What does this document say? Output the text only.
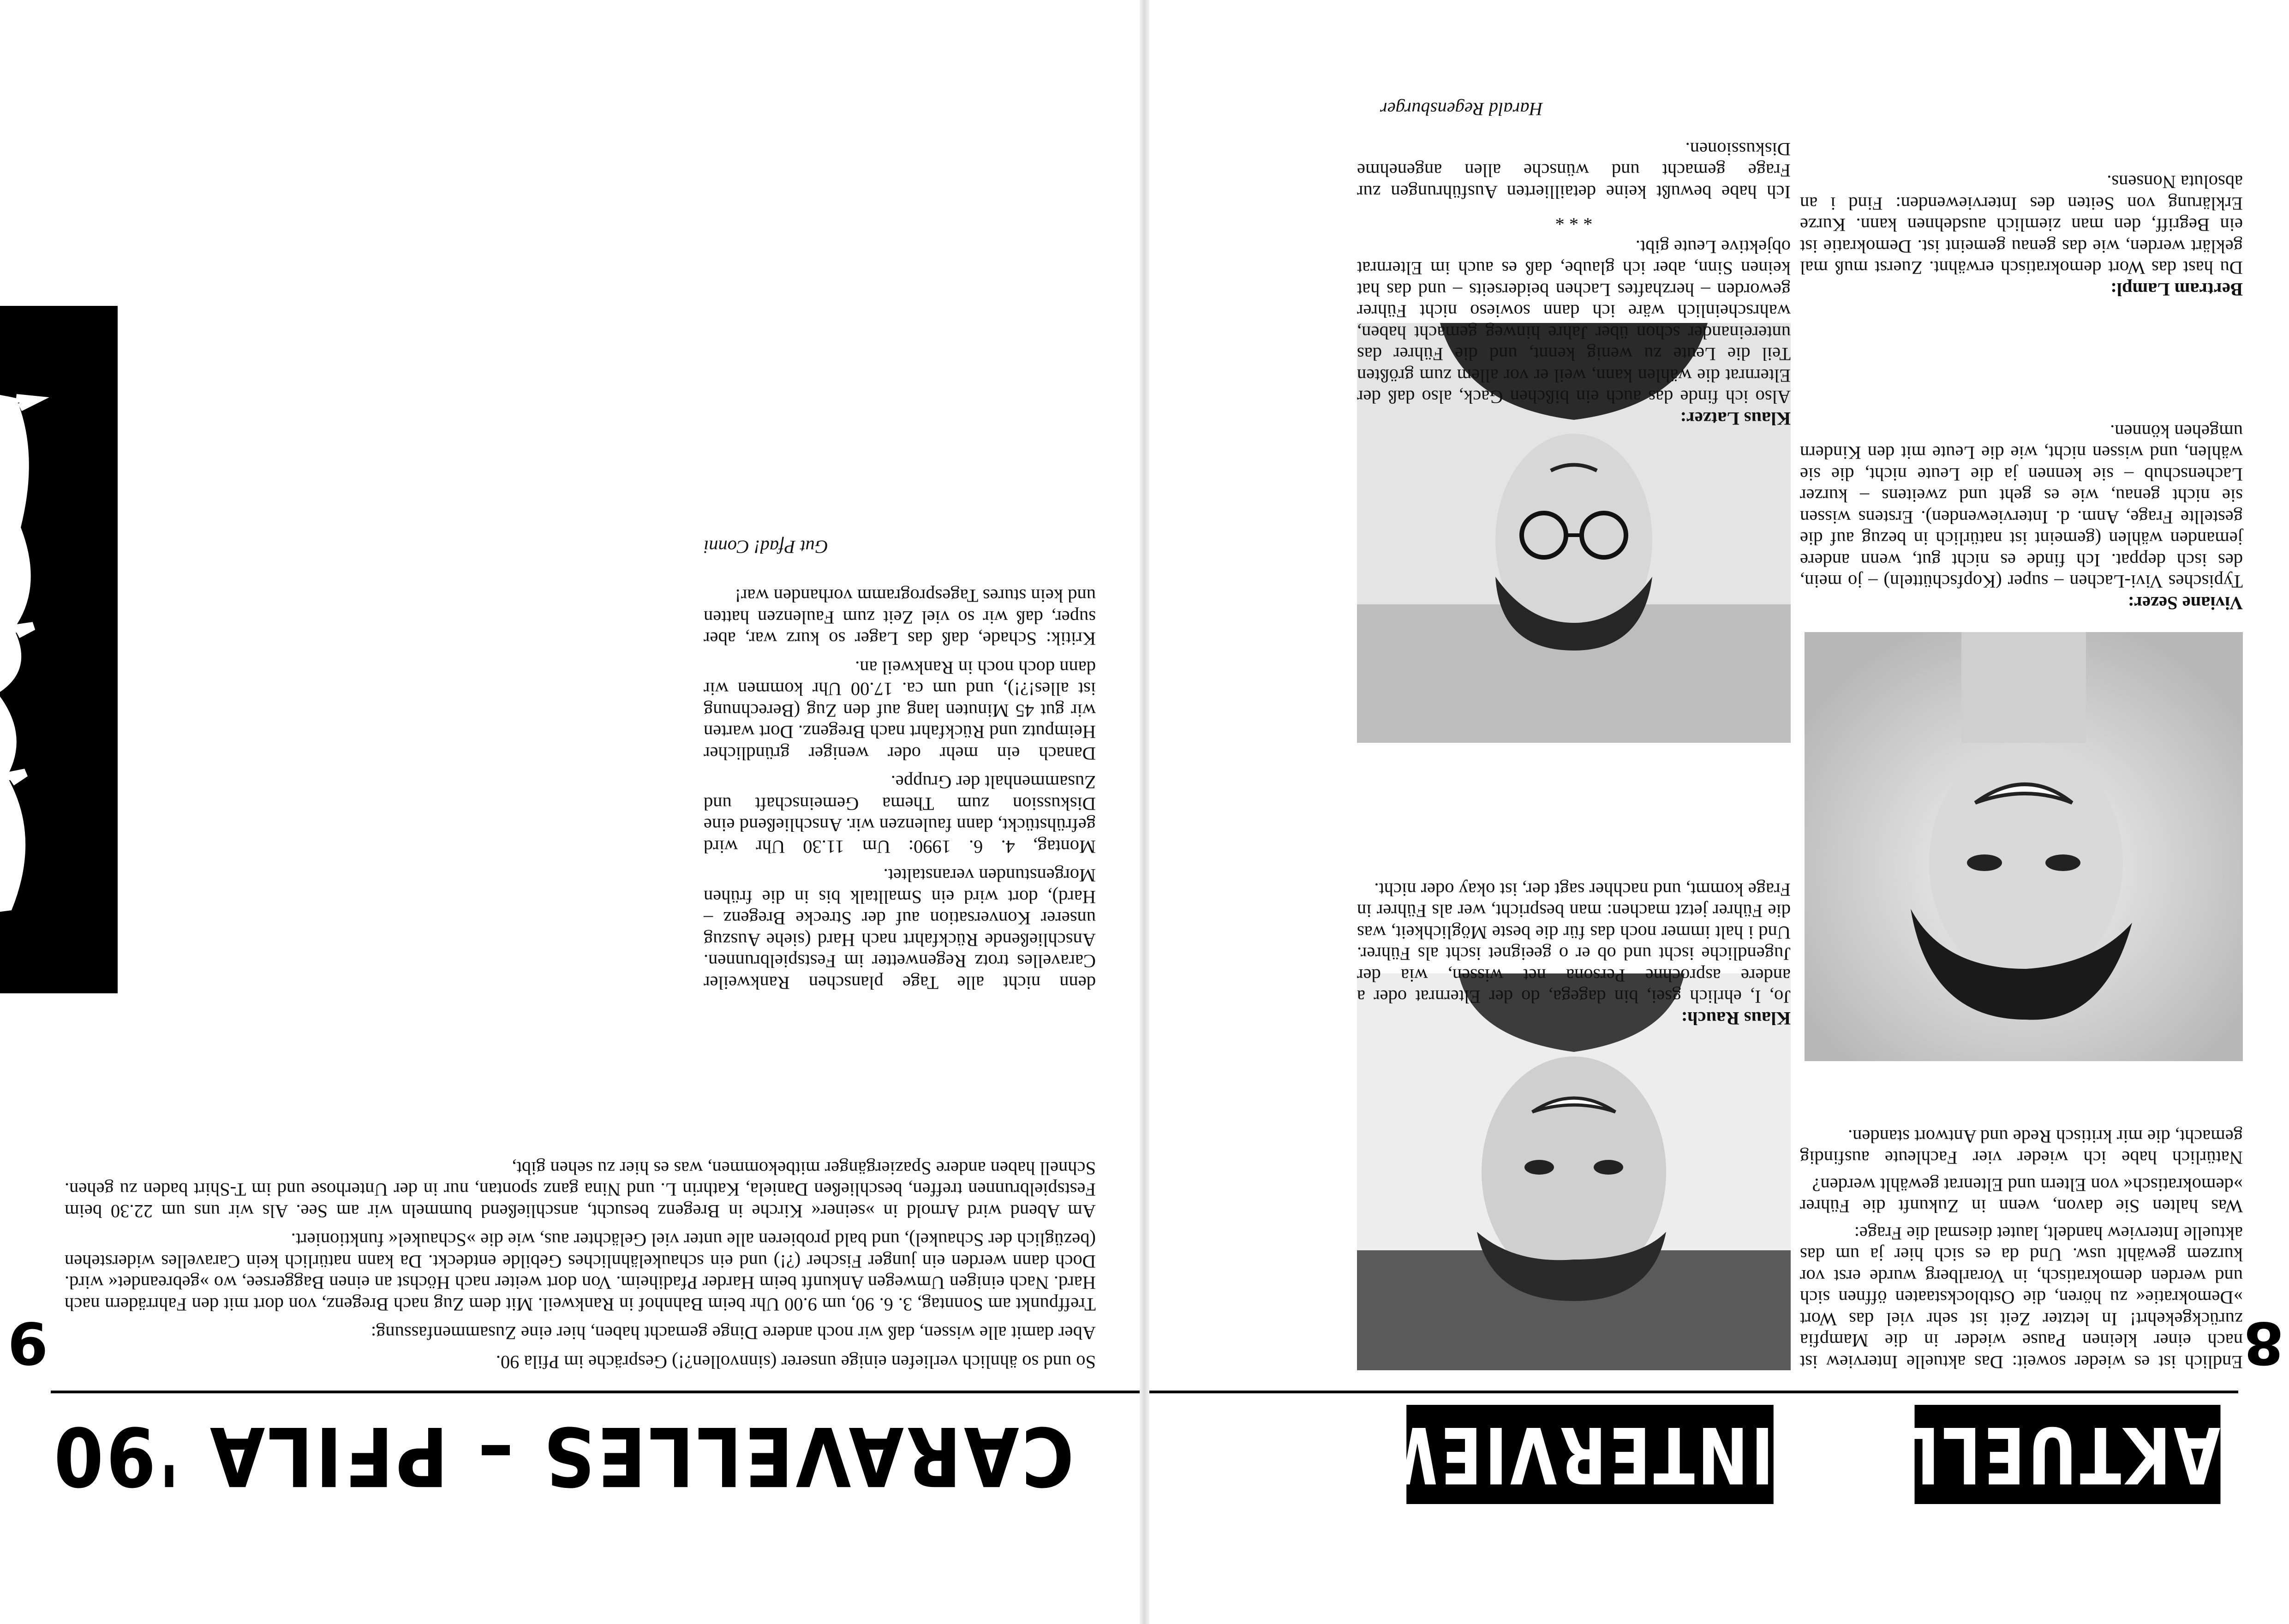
AKTUELLES
INTERVIEW
8

Endlich ist es wieder soweit: Das aktuelle Interview ist nach einer kleinen Pause wieder in die Mampfia zurückgekehrt! In letzter Zeit ist sehr viel das Wort »Demokratie« zu hören, die Ostblockstaaten öffnen sich und werden demokratisch, in Vorarlberg wurde erst vor kurzem gewählt usw. Und da es sich hier ja um das aktuelle Interview handelt, lautet diesmal die Frage:

Was halten Sie davon, wenn in Zukunft die Führer »demokratisch« von Eltern und Eltenrat gewählt werden?

Natürlich habe ich wieder vier Fachleute ausfindig gemacht, die mir kritisch Rede und Antwort standen.

Viviane Sezer:

Typisches Vivi-Lachen – super (Kopfschütteln) – jo mein, des isch deppat. Ich finde es nicht gut, wenn andere jemanden wählen (gemeint ist natürlich in bezug auf die gestellte Frage, Anm. d. Interviewenden). Erstens wissen sie nicht genau, wie es geht und zweitens – kurzer Lachenschub – sie kennen ja die Leute nicht, die sie wählen, und wissen nicht, wie die Leute mit den Kindern umgehen können.

Bertram Lampl:

Du hast das Wort demokratisch erwähnt. Zuerst muß mal geklärt werden, wie das genau gemeint ist. Demokratie ist ein Begriff, den man ziemlich ausdehnen kann. Kurze Erklärung von Seiten des Interviewenden: Find i an absoluta Nonsens.

Klaus Rauch:

Jo, I, ehrlich gsei, bin dagega, do der Elternrat oder a andere asprochne Persona net wissen, wia der Jugendliche ischt und ob er o geeignet ischt als Führer. Und i halt immer noch das für die beste Möglichkeit, was die Führer jetzt machen: man bespricht, wer als Führer in Frage kommt, und nachher sagt der, ist okay oder nicht.

Klaus Latzer:

Also ich finde das auch ein bißchen Gack, also daß der Elternrat die wählen kann, weil er vor allem zum größten Teil die Leute zu wenig kennt, und die Führer das untereinander schon über Jahre hinweg gemacht haben, wahrscheinlich wäre ich dann sowieso nicht Führer geworden – herzhaftes Lachen beiderseits – und das hat keinen Sinn, aber ich glaube, daß es auch im Elternrat objektive Leute gibt.

* * *

Ich habe bewußt keine detaillierten Ausführungen zur Frage gemacht und wünsche allen angenehme Diskussionen.

Harald Regensburger
CARAVELLES – PFILA '90
9	So und so ähnlich verliefen einige unserer (sinnvollen?!) Gespräche im Pfila 90.

Aber damit alle wissen, daß wir noch andere Dinge gemacht haben, hier eine Zusammenfassung:

Treffpunkt am Sonntag, 3. 6. 90, um 9.00 Uhr beim Bahnhof in Rankweil. Mit dem Zug nach Bregenz, von dort mit den Fahrrädern nach Hard. Nach einigen Umwegen Ankunft beim Harder Pfadiheim. Von dort weiter nach Höchst an einen Baggersee, wo »gebreandet« wird. Doch dann werden ein junger Fischer (?!) und ein schaukelähnliches Gebilde entdeckt. Da kann natürlich kein Caravelles widerstehen (bezüglich der Schaukel), und bald probieren alle unter viel Gelächter aus, wie die »Schaukel« funktioniert.

Am Abend wird Arnold in »seiner« Kirche in Bregenz besucht, anschließend bummeln wir am See. Als wir uns um 22.30 beim Festspielbrunnen treffen, beschließen Daniela, Kathrin L. und Nina ganz spontan, nur in der Unterhose und im T-Shirt baden zu gehen. Schnell haben andere Spaziergänger mitbekommen, was es hier zu sehen gibt,

denn nicht alle Tage planschen Rankweiler Caravelles trotz Regenwetter im Festspielbrunnen. Anschließende Rückfahrt nach Hard (siehe Auszug unserer Konversation auf der Strecke Bregenz – Hard), dort wird ein Smalltalk bis in die frühen Morgenstunden veranstaltet.

Montag, 4. 6. 1990: Um 11.30 Uhr wird gefrühstückt, dann faulenzen wir. Anschließend eine Diskussion zum Thema Gemeinschaft und Zusammenhalt der Gruppe.

Danach ein mehr oder weniger gründlicher Heimputz und Rückfahrt nach Bregenz. Dort warten wir gut 45 Minuten lang auf den Zug (Berechnung ist alles!?!), und um ca. 17.00 Uhr kommen wir dann doch noch in Rankweil an.

Kritik: Schade, daß das Lager so kurz war, aber super, daß wir so viel Zeit zum Faulenzen hatten und kein stures Tagesprogramm vorhanden war!

Gut Pfad! Conni
